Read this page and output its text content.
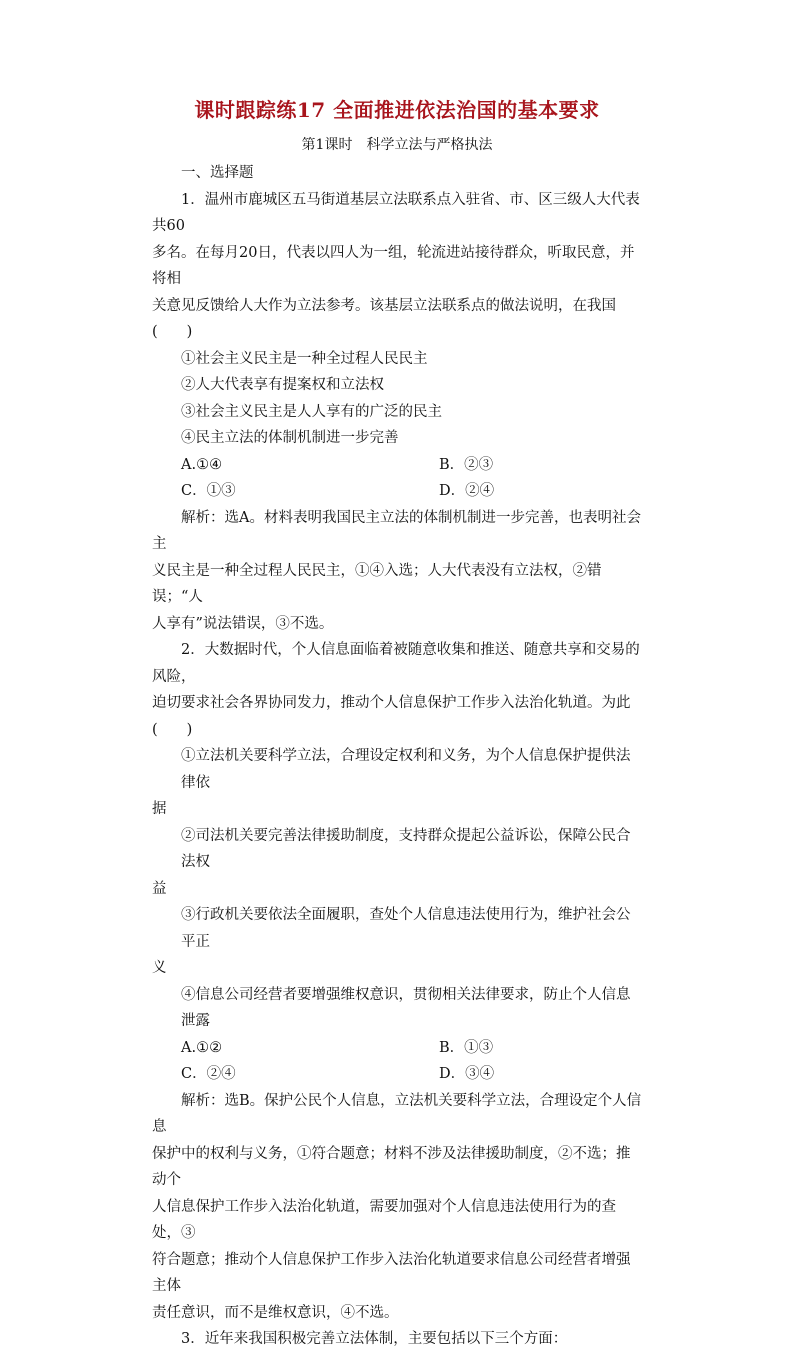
课时跟踪练17 全面推进依法治国的基本要求
第1课时　科学立法与严格执法

一、选择题

1．温州市鹿城区五马街道基层立法联系点入驻省、市、区三级人大代表共60

多名。在每月20日，代表以四人为一组，轮流进站接待群众，听取民意，并将相

关意见反馈给人大作为立法参考。该基层立法联系点的做法说明，在我国(　　)

①社会主义民主是一种全过程人民民主

②人大代表享有提案权和立法权

③社会主义民主是人人享有的广泛的民主

④民主立法的体制机制进一步完善

A.①④	B．②③
C．①③	D．②④

解析：选A。材料表明我国民主立法的体制机制进一步完善，也表明社会主

义民主是一种全过程人民民主，①④入选；人大代表没有立法权，②错误；“人

人享有”说法错误，③不选。

2．大数据时代，个人信息面临着被随意收集和推送、随意共享和交易的风险，

迫切要求社会各界协同发力，推动个人信息保护工作步入法治化轨道。为此(　　)

①立法机关要科学立法，合理设定权利和义务，为个人信息保护提供法律依

据

②司法机关要完善法律援助制度，支持群众提起公益诉讼，保障公民合法权

益

③行政机关要依法全面履职，查处个人信息违法使用行为，维护社会公平正

义

④信息公司经营者要增强维权意识，贯彻相关法律要求，防止个人信息泄露

A.①②	B．①③
C．②④	D．③④

解析：选B。保护公民个人信息，立法机关要科学立法，合理设定个人信息

保护中的权利与义务，①符合题意；材料不涉及法律援助制度，②不选；推动个

人信息保护工作步入法治化轨道，需要加强对个人信息违法使用行为的查处，③

符合题意；推动个人信息保护工作步入法治化轨道要求信息公司经营者增强主体

责任意识，而不是维权意识，④不选。

3．近年来我国积极完善立法体制，主要包括以下三个方面：
